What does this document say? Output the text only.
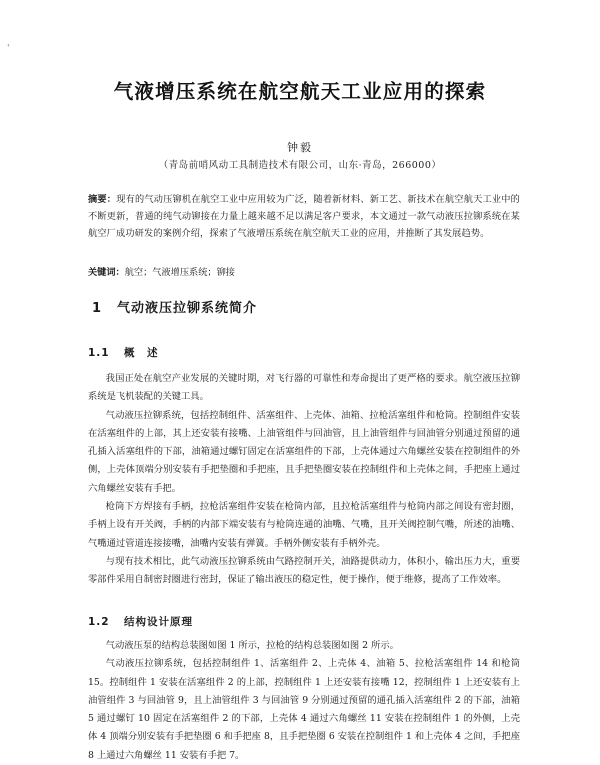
'
气液增压系统在航空航天工业应用的探索
钟毅
（青岛前哨风动工具制造技术有限公司，山东·青岛，266000）
摘要：现有的气动压铆机在航空工业中应用较为广泛，随着新材料、新工艺、新技术在航空航天工业中的不断更新，普通的纯气动铆接在力量上越来越不足以满足客户要求，本文通过一款气动液压拉铆系统在某航空厂成功研发的案例介绍，探索了气液增压系统在航空航天工业的应用，并推断了其发展趋势。
关键词：航空；气液增压系统；铆接
1 气动液压拉铆系统简介
1.1 概　述

我国正处在航空产业发展的关键时期，对飞行器的可靠性和寿命提出了更严格的要求。航空液压拉铆系统是飞机装配的关键工具。

气动液压拉铆系统，包括控制组件、活塞组件、上壳体、油箱、拉枪活塞组件和枪筒。控制组件安装在活塞组件的上部，其上还安装有接嘴、上油管组件与回油管，且上油管组件与回油管分别通过预留的通孔插入活塞组件的下部，油箱通过螺钉固定在活塞组件的下部，上壳体通过六角螺丝安装在控制组件的外侧，上壳体顶端分别安装有手把垫圈和手把座，且手把垫圈安装在控制组件和上壳体之间，手把座上通过六角螺丝安装有手把。

枪筒下方焊接有手柄，拉枪活塞组件安装在枪筒内部，且拉枪活塞组件与枪筒内部之间设有密封圈，手柄上设有开关阀，手柄的内部下端安装有与枪筒连通的油嘴、气嘴，且开关阀控制气嘴，所述的油嘴、气嘴通过管道连接接嘴，油嘴内安装有弹簧。手柄外侧安装有手柄外壳。

与现有技术相比，此气动液压拉铆系统由气路控制开关，油路提供动力，体积小，输出压力大，重要零部件采用自制密封圈进行密封，保证了输出液压的稳定性，便于操作，便于维修，提高了工作效率。

1.2 结构设计原理

气动液压泵的结构总装图如图 1 所示，拉枪的结构总装图如图 2 所示。

气动液压拉铆系统，包括控制组件 1、活塞组件 2、上壳体 4、油箱 5、拉枪活塞组件 14 和枪筒 15。控制组件 1 安装在活塞组件 2 的上部，控制组件 1 上还安装有接嘴 12，控制组件 1 上还安装有上油管组件 3 与回油管 9，且上油管组件 3 与回油管 9 分别通过预留的通孔插入活塞组件 2 的下部，油箱 5 通过螺钉 10 固定在活塞组件 2 的下部，上壳体 4 通过六角螺丝 11 安装在控制组件 1 的外侧，上壳体 4 顶端分别安装有手把垫圈 6 和手把座 8，且手把垫圈 6 安装在控制组件 1 和上壳体 4 之间，手把座 8 上通过六角螺丝 11 安装有手把 7。
